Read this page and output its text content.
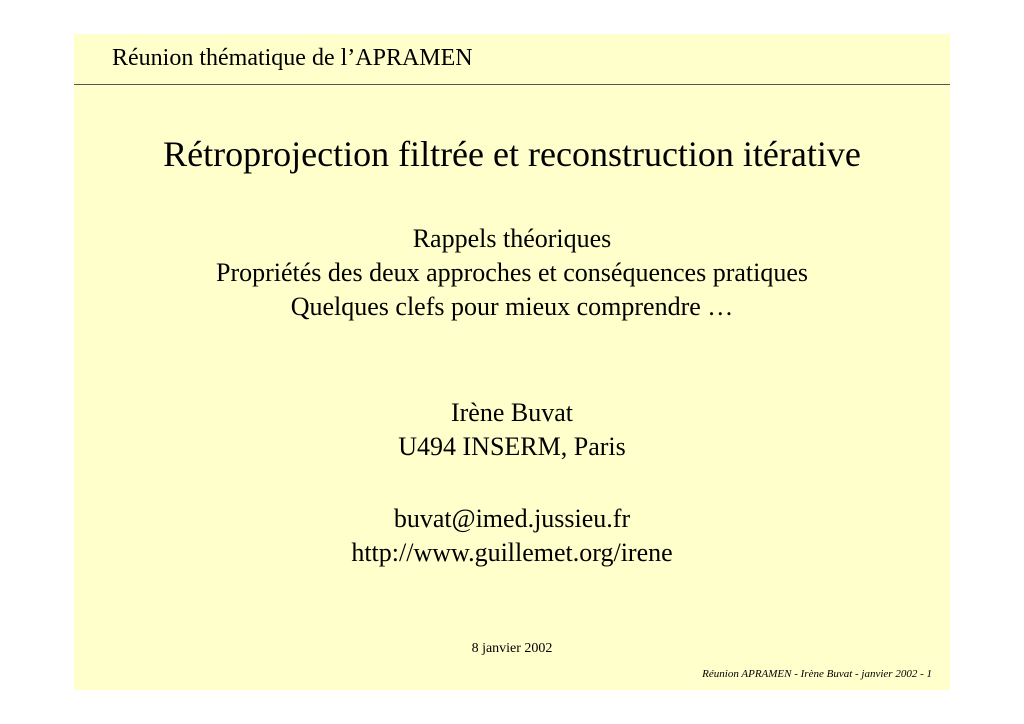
Réunion thématique de l’APRAMEN
Rétroprojection filtrée et reconstruction itérative
Rappels théoriques
Propriétés des deux approches et conséquences pratiques
Quelques clefs pour mieux comprendre …
Irène Buvat
U494 INSERM, Paris
buvat@imed.jussieu.fr
http://www.guillemet.org/irene
8 janvier 2002
Réunion APRAMEN - Irène Buvat - janvier 2002 - 1
